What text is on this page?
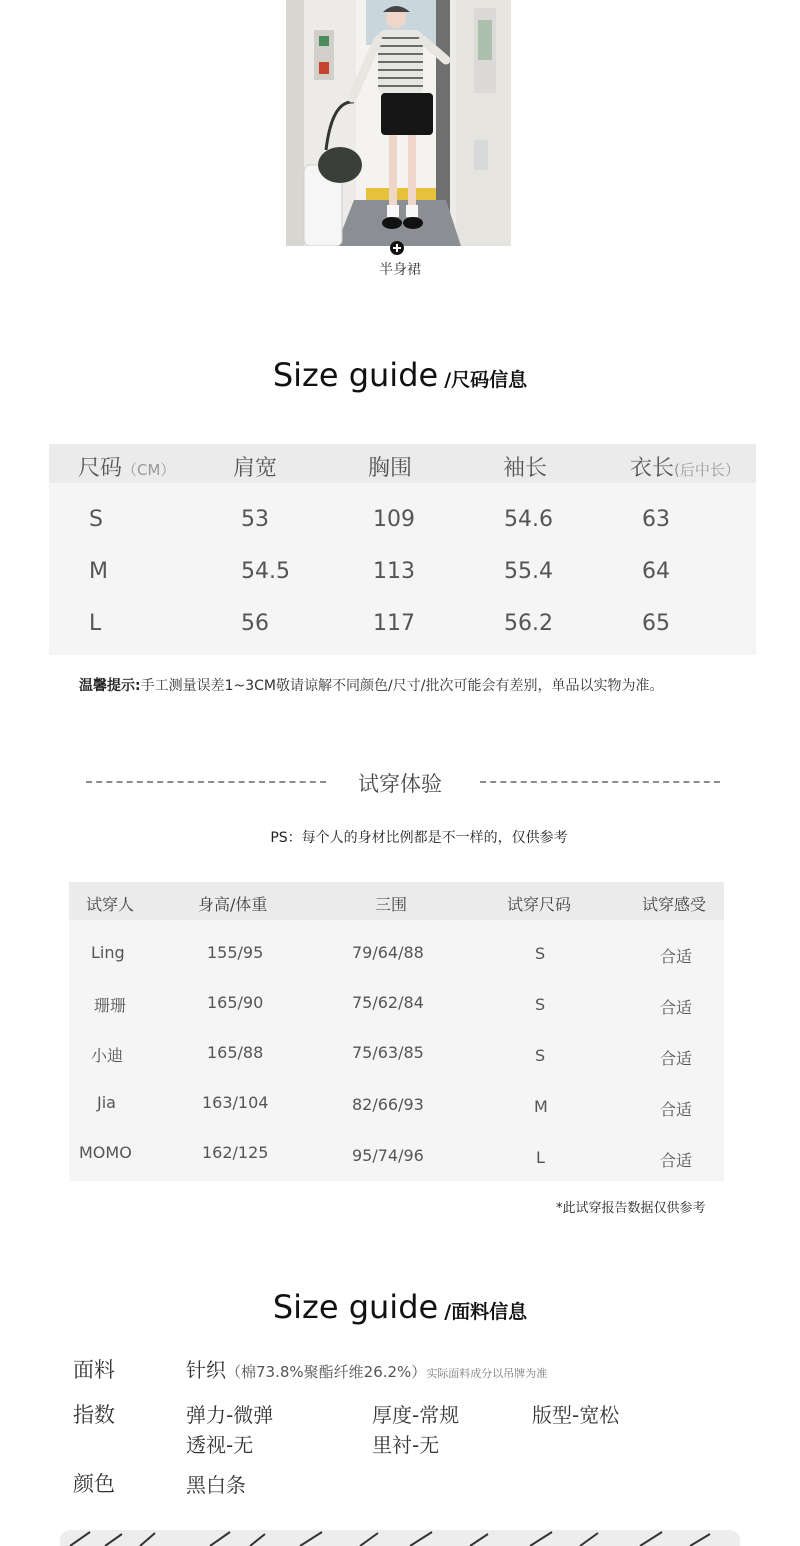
半身裙
Size guide /尺码信息
尺码（CM）	肩宽	胸围	袖长	衣长(后中长）
S	53	109	54.6	63
M	54.5	113	55.4	64
L	56	117	56.2	65
温馨提示:手工测量误差1~3CM敬请谅解不同颜色/尺寸/批次可能会有差别，单品以实物为准。
试穿体验
PS：每个人的身材比例都是不一样的，仅供参考
试穿人	身高/体重	三围	试穿尺码	试穿感受
Ling	155/95	79/64/88	S	合适
珊珊	165/90	75/62/84	S	合适
小迪	165/88	75/63/85	S	合适
Jia	163/104	82/66/93	M	合适
MOMO	162/125	95/74/96	L	合适
*此试穿报告数据仅供参考
Size guide /面料信息
面料	针织（棉73.8%聚酯纤维26.2%）实际面料成分以吊牌为准
指数	弹力-微弹	厚度-常规	版型-宽松
透视-无	里衬-无
颜色	黑白条
